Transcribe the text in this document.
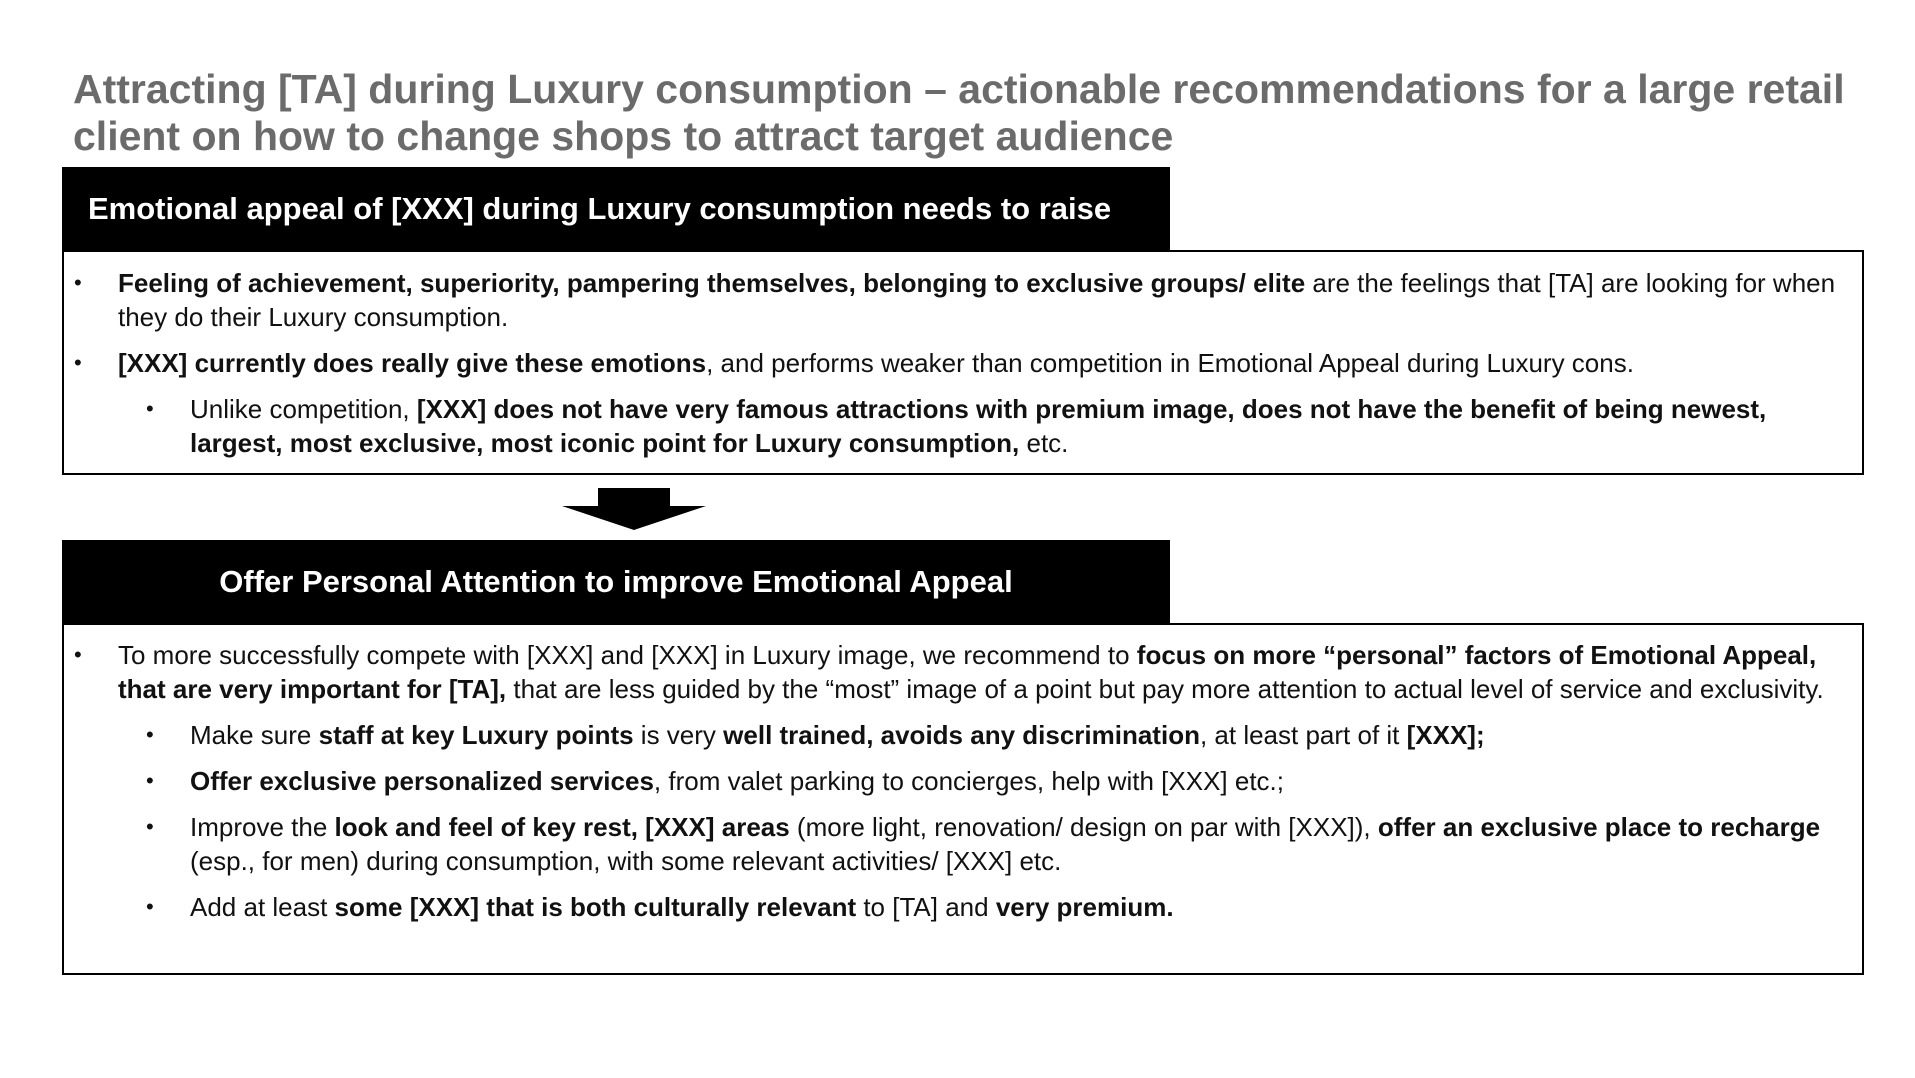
Attracting [TA] during Luxury consumption – actionable recommendations for a large retail client on how to change shops to attract target audience
Emotional appeal of [XXX] during Luxury consumption needs to raise
• Feeling of achievement, superiority, pampering themselves, belonging to exclusive groups/ elite are the feelings that [TA] are looking for when they do their Luxury consumption.
• [XXX] currently does really give these emotions, and performs weaker than competition in Emotional Appeal during Luxury cons.
• Unlike competition, [XXX] does not have very famous attractions with premium image, does not have the benefit of being newest, largest, most exclusive, most iconic point for Luxury consumption, etc.
Offer Personal Attention to improve Emotional Appeal
• To more successfully compete with [XXX] and [XXX] in Luxury image, we recommend to focus on more “personal” factors of Emotional Appeal, that are very important for [TA], that are less guided by the “most” image of a point but pay more attention to actual level of service and exclusivity.
• Make sure staff at key Luxury points is very well trained, avoids any discrimination, at least part of it [XXX];
• Offer exclusive personalized services, from valet parking to concierges, help with [XXX] etc.;
• Improve the look and feel of key rest, [XXX] areas (more light, renovation/ design on par with [XXX]), offer an exclusive place to recharge (esp., for men) during consumption, with some relevant activities/ [XXX] etc.
• Add at least some [XXX] that is both culturally relevant to [TA] and very premium.
